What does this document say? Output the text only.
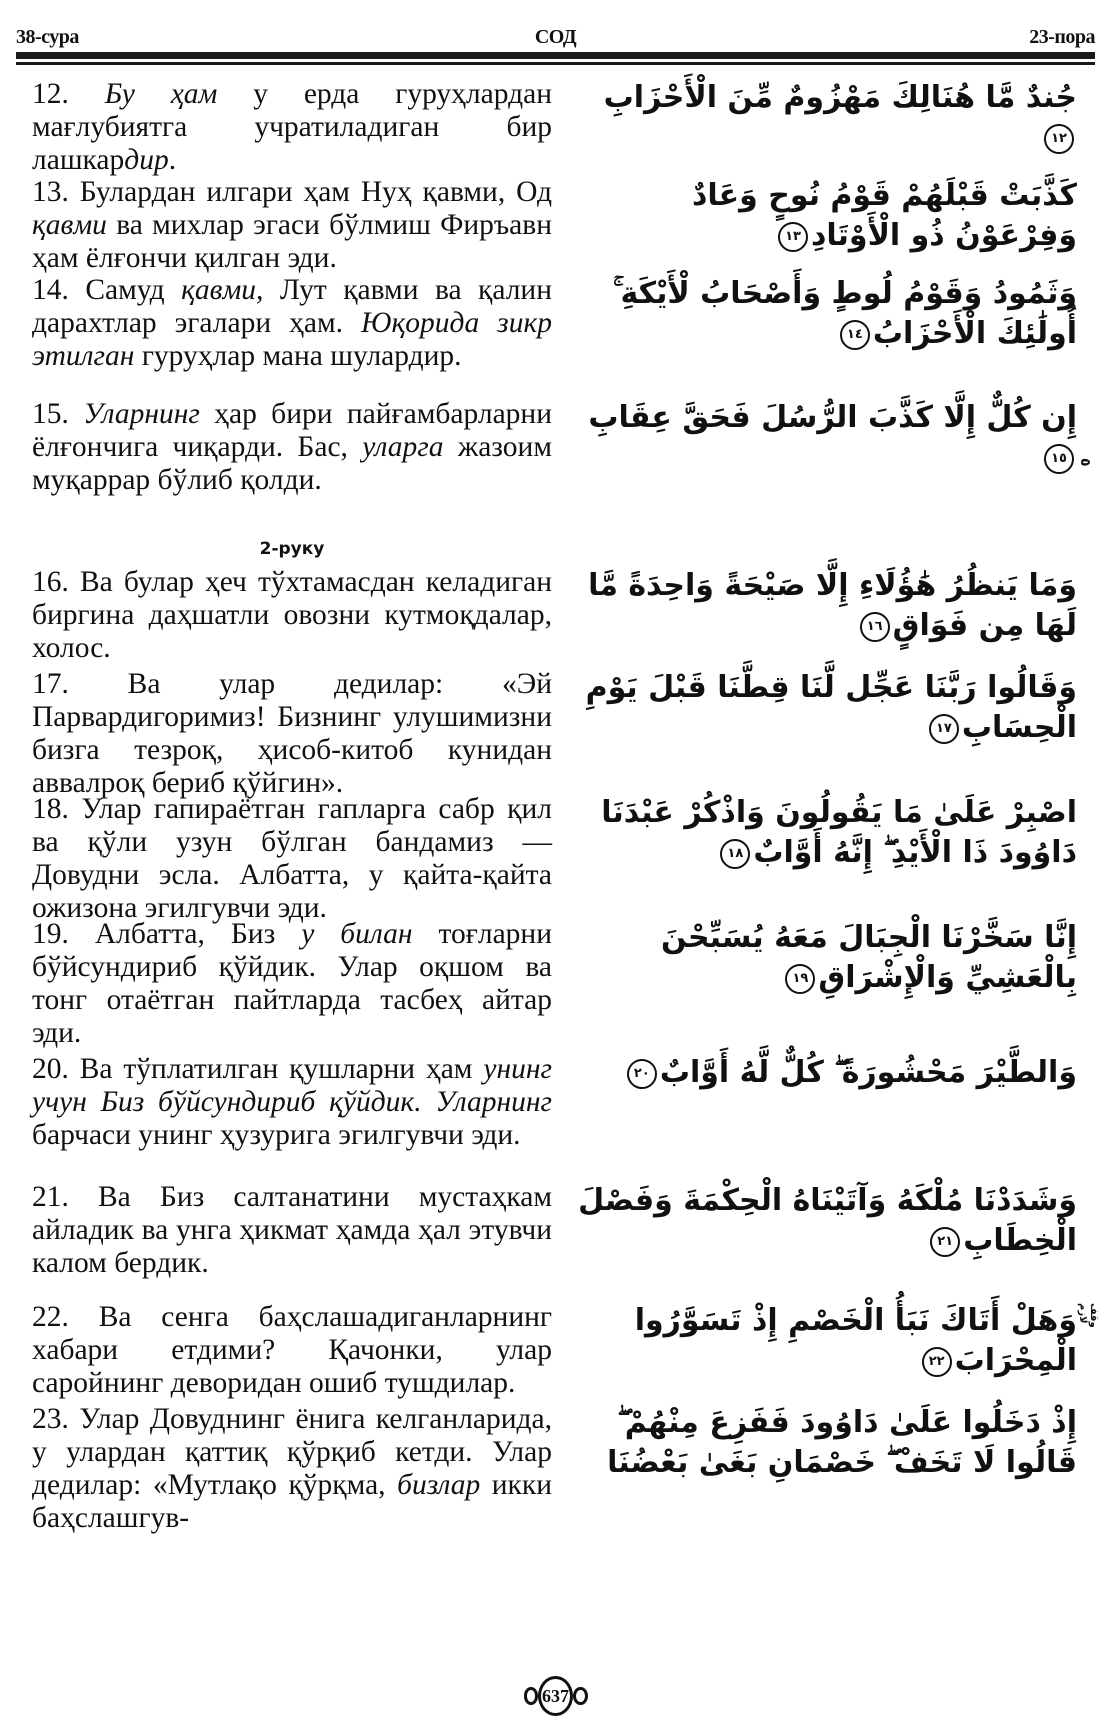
38-сура	СОД	23-пора
12. Бу ҳам у ерда гуруҳлардан мағлубиятга учратиладиган бир лашкардир.
جُندٌ مَّا هُنَالِكَ مَهْزُومٌ مِّنَ الْأَحْزَابِ١٢
13. Булардан илгари ҳам Нуҳ қавми, Од қавми ва михлар эгаси бўлмиш Фиръавн ҳам ёлғончи қилган эди.
كَذَّبَتْ قَبْلَهُمْ قَوْمُ نُوحٍ وَعَادٌ وَفِرْعَوْنُ ذُو الْأَوْتَادِ١٣
14. Самуд қавми, Лут қавми ва қалин дарахтлар эгалари ҳам. Юқорида зикр этилган гуруҳлар мана шулардир.
وَثَمُودُ وَقَوْمُ لُوطٍ وَأَصْحَابُ لْأَيْكَةِ ۚ أُولَٰئِكَ الْأَحْزَابُ١٤
15. Уларнинг ҳар бири пайғамбарларни ёлғончига чиқарди. Бас, уларга жазоим муқаррар бўлиб қолди.
إِن كُلٌّ إِلَّا كَذَّبَ الرُّسُلَ فَحَقَّ عِقَابِ١٥
2-руку
16. Ва булар ҳеч тўхтамасдан келадиган биргина даҳшатли овозни кутмоқдалар, холос.
وَمَا يَنظُرُ هَٰؤُلَاءِ إِلَّا صَيْحَةً وَاحِدَةً مَّا لَهَا مِن فَوَاقٍ١٦
17. Ва улар дедилар: «Эй Парвардигоримиз! Бизнинг улушимизни бизга тезроқ, ҳисоб-китоб кунидан аввалроқ бериб қўйгин».
وَقَالُوا رَبَّنَا عَجِّل لَّنَا قِطَّنَا قَبْلَ يَوْمِ الْحِسَابِ١٧
18. Улар гапираётган гапларга сабр қил ва қўли узун бўлган бандамиз — Довудни эсла. Албатта, у қайта-қайта ожизона эгилгувчи эди.
اصْبِرْ عَلَىٰ مَا يَقُولُونَ وَاذْكُرْ عَبْدَنَا دَاوُودَ ذَا الْأَيْدِ ۖ إِنَّهُ أَوَّابٌ١٨
19. Албатта, Биз у билан тоғларни бўйсундириб қўйдик. Улар оқшом ва тонг отаётган пайтларда тасбеҳ айтар эди.
إِنَّا سَخَّرْنَا الْجِبَالَ مَعَهُ يُسَبِّحْنَ بِالْعَشِيِّ وَالْإِشْرَاقِ١٩
20. Ва тўплатилган қушларни ҳам унинг учун Биз бўйсундириб қўйдик. Уларнинг барчаси унинг ҳузурига эгилгувчи эди.
وَالطَّيْرَ مَحْشُورَةً ۖ كُلٌّ لَّهُ أَوَّابٌ٢٠
21. Ва Биз салтанатини мустаҳкам айладик ва унга ҳикмат ҳамда ҳал этувчи калом бердик.
وَشَدَدْنَا مُلْكَهُ وَآتَيْنَاهُ الْحِكْمَةَ وَفَصْلَ الْخِطَابِ٢١
22. Ва сенга баҳслашадиганларнинг хабари етдими? Қачонки, улар саройнинг деворидан ошиб тушдилар.
وَهَلْ أَتَاكَ نَبَأُ الْخَصْمِ إِذْ تَسَوَّرُوا الْمِحْرَابَ٢٢
23. Улар Довуднинг ёнига келганларида, у улардан қаттиқ қўрқиб кетди. Улар дедилар: «Мутлақо қўрқма, бизлар икки баҳслашгув-
إِذْ دَخَلُوا عَلَىٰ دَاوُودَ فَفَزِعَ مِنْهُمْ ۖ قَالُوا لَا تَخَفْ ۖ خَصْمَانِ بَغَىٰ بَعْضُنَا
٥
وقف لازم
637
